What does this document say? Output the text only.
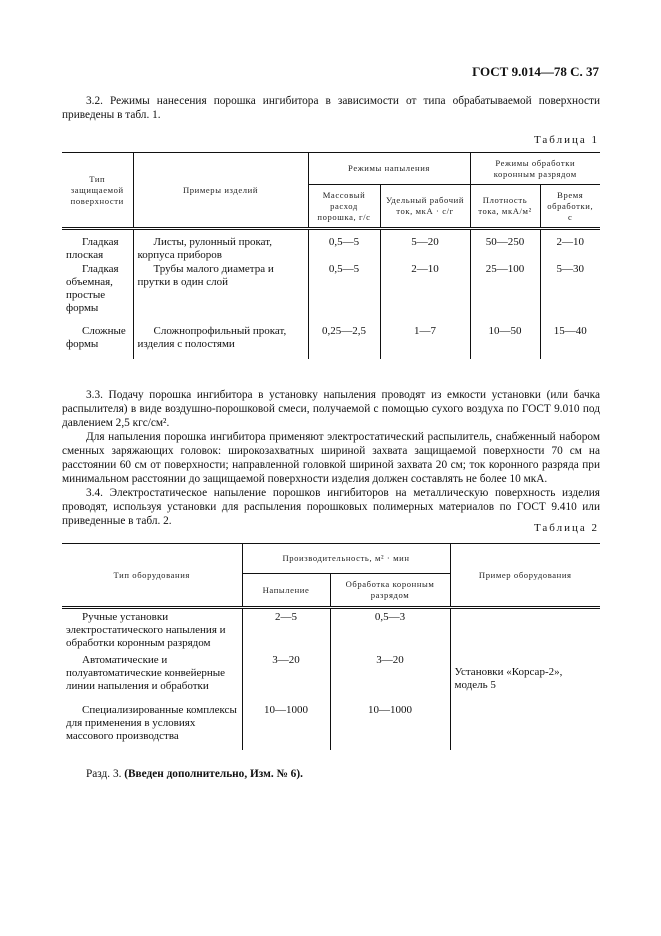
ГОСТ 9.014—78 С. 37

3.2. Режимы нанесения порошка ингибитора в зависимости от типа обрабатываемой поверхности приведены в табл. 1.

Таблица 1
Тип защищаемой поверхности	Примеры изделий	Режимы напыления		Режимы обработки коронным разрядом	
		Массовый расход порошка, г/с	Удельный рабочий ток, мкА · с/г	Плотность тока, мкА/м²	Время обработки, с
Гладкая плоская	Листы, рулонный прокат, корпуса приборов	0,5—5	5—20	50—250	2—10
Гладкая объемная, простые формы	Трубы малого диаметра и прутки в один слой	0,5—5	2—10	25—100	5—30
Сложные формы	Сложнопрофильный прокат, изделия с полостями	0,25—2,5	1—7	10—50	15—40

3.3. Подачу порошка ингибитора в установку напыления проводят из емкости установки (или бачка распылителя) в виде воздушно-порошковой смеси, получаемой с помощью сухого воздуха по ГОСТ 9.010 под давлением 2,5 кгс/см².

Для напыления порошка ингибитора применяют электростатический распылитель, снабженный набором сменных заряжающих головок: широкозахватных шириной захвата защищаемой поверхности 70 см на расстоянии 60 см от поверхности; направленной головкой шириной захвата 20 см; ток коронного разряда при минимальном расстоянии до защищаемой поверхности изделия должен составлять не более 10 мкА.

3.4. Электростатическое напыление порошков ингибиторов на металлическую поверхность изделия проводят, используя установки для распыления порошковых полимерных материалов по ГОСТ 9.410 или приведенные в табл. 2.

Таблица 2
Тип оборудования	Производительность, м² · мин		Пример оборудования
	Напыление	Обработка коронным разрядом	
Ручные установки электростатического напыления и обработки коронным разрядом	2—5	0,5—3	Установки «Корсар-2», модель 5
Автоматические и полуавтоматические конвейерные линии напыления и обработки	3—20	3—20	
Специализированные комплексы для применения в условиях массового производства	10—1000	10—1000	
Разд. 3. (Введен дополнительно, Изм. № 6).
